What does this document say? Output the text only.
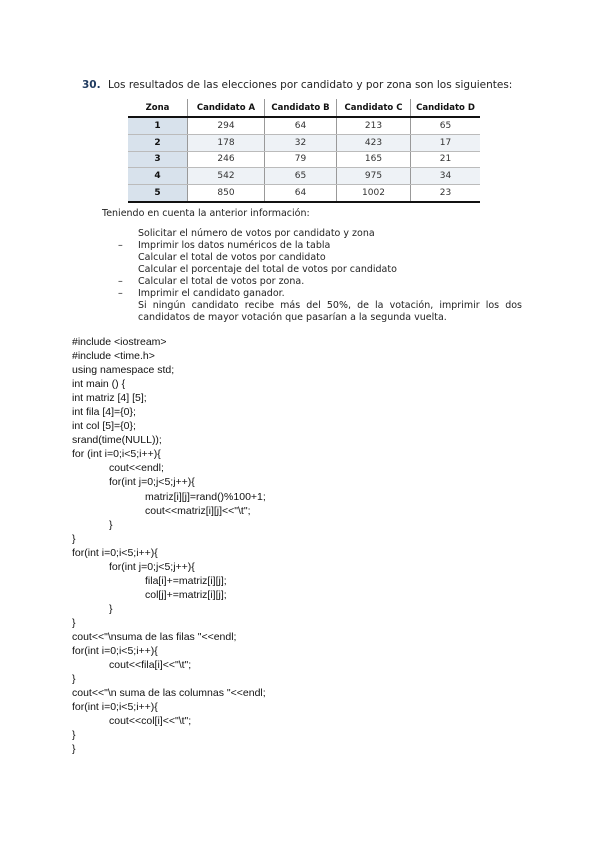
30. Los resultados de las elecciones por candidato y por zona son los siguientes:
Zona	Candidato A	Candidato B	Candidato C	Candidato D
1	294	64	213	65
2	178	32	423	17
3	246	79	165	21
4	542	65	975	34
5	850	64	1002	23
Teniendo en cuenta la anterior información:
Solicitar el número de votos por candidato y zona
– Imprimir los datos numéricos de la tabla
Calcular el total de votos por candidato
Calcular el porcentaje del total de votos por candidato
– Calcular el total de votos por zona.
– Imprimir el candidato ganador.
Si ningún candidato recibe más del 50%, de la votación, imprimir los dos candidatos de mayor votación que pasarían a la segunda vuelta.
#include <iostream>
#include <time.h>
using namespace std;
int main () {
int matriz [4] [5];
int fila [4]={0};
int col [5]={0};
srand(time(NULL));
for (int i=0;i<5;i++){
cout<<endl;
for(int j=0;j<5;j++){
matriz[i][j]=rand()%100+1;
cout<<matriz[i][j]<<"\t";
}
}
for(int i=0;i<5;i++){
for(int j=0;j<5;j++){
fila[i]+=matriz[i][j];
col[j]+=matriz[i][j];
}
}
cout<<"\nsuma de las filas "<<endl;
for(int i=0;i<5;i++){
cout<<fila[i]<<"\t";
}
cout<<"\n suma de las columnas "<<endl;
for(int i=0;i<5;i++){
cout<<col[i]<<"\t";
}
}
